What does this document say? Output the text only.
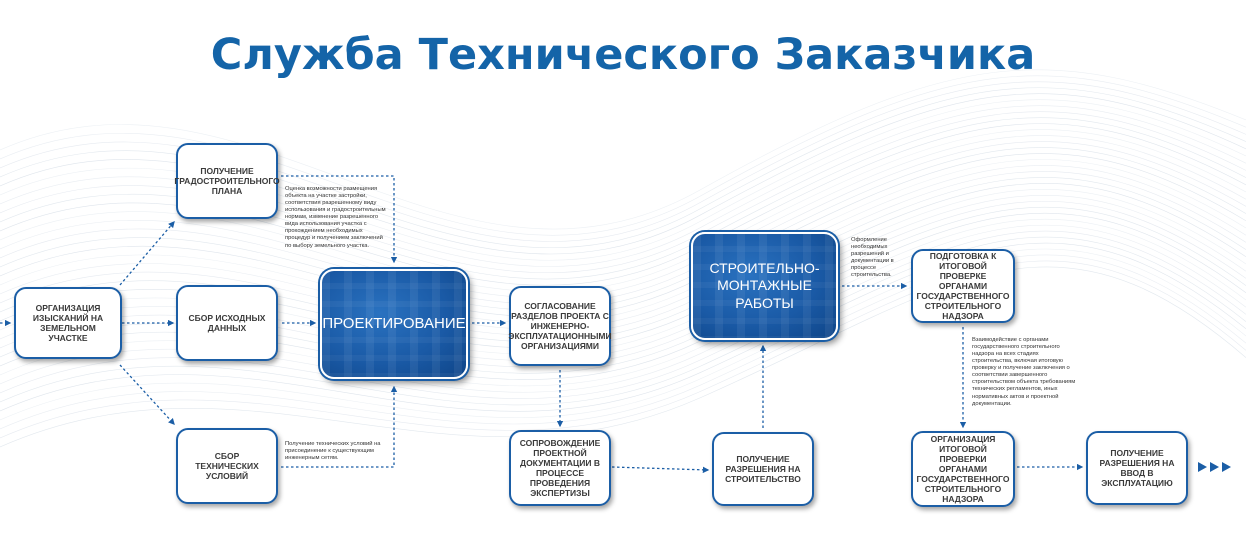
Служба Технического Заказчика
ОРГАНИЗАЦИЯ ИЗЫСКАНИЙ НА ЗЕМЕЛЬНОМ УЧАСТКЕ
ПОЛУЧЕНИЕ ГРАДОСТРОИТЕЛЬНОГО ПЛАНА
СБОР ИСХОДНЫХ ДАННЫХ
СБОР ТЕХНИЧЕСКИХ УСЛОВИЙ
ПРОЕКТИРОВАНИЕ
СОГЛАСОВАНИЕ РАЗДЕЛОВ ПРОЕКТА С ИНЖЕНЕРНО-ЭКСПЛУАТАЦИОННЫМИ ОРГАНИЗАЦИЯМИ
СОПРОВОЖДЕНИЕ ПРОЕКТНОЙ ДОКУМЕНТАЦИИ В ПРОЦЕССЕ ПРОВЕДЕНИЯ ЭКСПЕРТИЗЫ
ПОЛУЧЕНИЕ РАЗРЕШЕНИЯ НА СТРОИТЕЛЬСТВО
СТРОИТЕЛЬНО-МОНТАЖНЫЕ РАБОТЫ
ПОДГОТОВКА К ИТОГОВОЙ ПРОВЕРКЕ ОРГАНАМИ ГОСУДАРСТВЕННОГО СТРОИТЕЛЬНОГО НАДЗОРА
ОРГАНИЗАЦИЯ ИТОГОВОЙ ПРОВЕРКИ ОРГАНАМИ ГОСУДАРСТВЕННОГО СТРОИТЕЛЬНОГО НАДЗОРА
ПОЛУЧЕНИЕ РАЗРЕШЕНИЯ НА ВВОД В ЭКСПЛУАТАЦИЮ
Оценка возможности размещения объекта на участке застройки, соответствия разрешенному виду использования и градостроительным нормам, изменение разрешенного вида использования участка с прохождением необходимых процедур и получением заключений по выбору земельного участка.
Получение технических условий на присоединение к существующим инженерным сетям.
Оформление необходимых разрешений и документации в процессе строительства.
Взаимодействие с органами государственного строительного надзора на всех стадиях строительства, включая итоговую проверку и получение заключения о соответствии завершенного строительством объекта требованиям технических регламентов, иных нормативных актов и проектной документации.
